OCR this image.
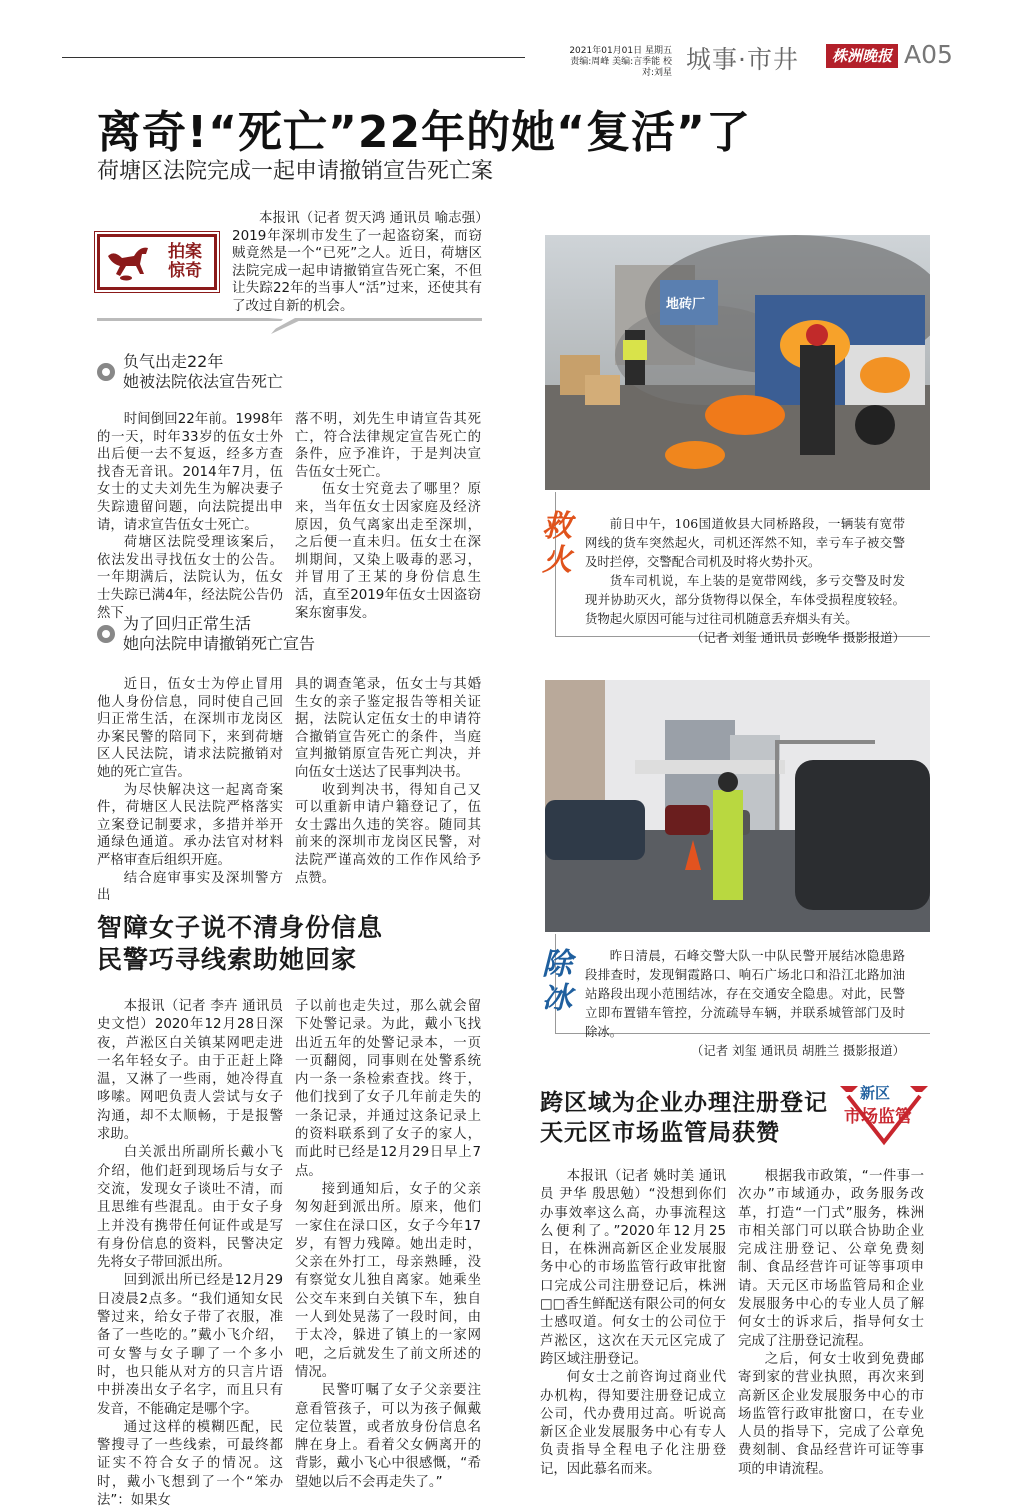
2021年01月01日 星期五
责编:周峰 美编:言季能 校对:刘星 城事·市井	株洲晚报 A05
离奇!“死亡”22年的她“复活”了
荷塘区法院完成一起申请撤销宣告死亡案
拍案
惊奇

本报讯（记者 贺天鸿 通讯员 喻志强）2019年深圳市发生了一起盗窃案，而窃贼竟然是一个“已死”之人。近日，荷塘区法院完成一起申请撤销宣告死亡案，不但让失踪22年的当事人“活”过来，还使其有了改过自新的机会。

负气出走22年
她被法院依法宣告死亡

时间倒回22年前。1998年的一天，时年33岁的伍女士外出后便一去不复返，经多方查找杳无音讯。2014年7月，伍女士的丈夫刘先生为解决妻子失踪遗留问题，向法院提出申请，请求宣告伍女士死亡。

荷塘区法院受理该案后，依法发出寻找伍女士的公告。一年期满后，法院认为，伍女士失踪已满4年，经法院公告仍然下

落不明，刘先生申请宣告其死亡，符合法律规定宣告死亡的条件，应予准许，于是判决宣告伍女士死亡。

伍女士究竟去了哪里？原来，当年伍女士因家庭及经济原因，负气离家出走至深圳，之后便一直未归。伍女士在深圳期间，又染上吸毒的恶习，并冒用了王某的身份信息生活，直至2019年伍女士因盗窃案东窗事发。

为了回归正常生活
她向法院申请撤销死亡宣告

近日，伍女士为停止冒用他人身份信息，同时使自己回归正常生活，在深圳市龙岗区办案民警的陪同下，来到荷塘区人民法院，请求法院撤销对她的死亡宣告。

为尽快解决这一起离奇案件，荷塘区人民法院严格落实立案登记制要求，多措并举开通绿色通道。承办法官对材料严格审查后组织开庭。

结合庭审事实及深圳警方出

具的调查笔录，伍女士与其婚生女的亲子鉴定报告等相关证据，法院认定伍女士的申请符合撤销宣告死亡的条件，当庭宣判撤销原宣告死亡判决，并向伍女士送达了民事判决书。

收到判决书，得知自己又可以重新申请户籍登记了，伍女士露出久违的笑容。随同其前来的深圳市龙岗区民警，对法院严谨高效的工作作风给予点赞。

地砖厂
救火

前日中午，106国道攸县大同桥路段，一辆装有宽带网线的货车突然起火，司机还浑然不知，幸亏车子被交警及时拦停，交警配合司机及时将火势扑灭。

货车司机说，车上装的是宽带网线，多亏交警及时发现并协助灭火，部分货物得以保全，车体受损程度较轻。货物起火原因可能与过往司机随意丢弃烟头有关。

（记者 刘玺 通讯员 彭晚华 摄影报道）
除冰

昨日清晨，石峰交警大队一中队民警开展结冰隐患路段排查时，发现铜霞路口、响石广场北口和沿江北路加油站路段出现小范围结冰，存在交通安全隐患。对此，民警立即布置错车管控，分流疏导车辆，并联系城管部门及时除冰。

（记者 刘玺 通讯员 胡胜兰 摄影报道）
智障女子说不清身份信息
民警巧寻线索助她回家

本报讯（记者 李卉 通讯员 史文恺）2020年12月28日深夜，芦淞区白关镇某网吧走进一名年轻女子。由于正赶上降温，又淋了一些雨，她冷得直哆嗦。网吧负责人尝试与女子沟通，却不太顺畅，于是报警求助。

白关派出所副所长戴小飞介绍，他们赶到现场后与女子交流，发现女子谈吐不清，而且思维有些混乱。由于女子身上并没有携带任何证件或是写有身份信息的资料，民警决定先将女子带回派出所。

回到派出所已经是12月29日凌晨2点多。“我们通知女民警过来，给女子带了衣服，准备了一些吃的。”戴小飞介绍，可女警与女子聊了一个多小时，也只能从对方的只言片语中拼凑出女子名字，而且只有发音，不能确定是哪个字。

通过这样的模糊匹配，民警搜寻了一些线索，可最终都证实不符合女子的情况。这时，戴小飞想到了一个“笨办法”：如果女

子以前也走失过，那么就会留下处警记录。为此，戴小飞找出近五年的处警记录本，一页一页翻阅，同事则在处警系统内一条一条检索查找。终于，他们找到了女子几年前走失的一条记录，并通过这条记录上的资料联系到了女子的家人，而此时已经是12月29日早上7点。

接到通知后，女子的父亲匆匆赶到派出所。原来，他们一家住在渌口区，女子今年17岁，有智力残障。她出走时，父亲在外打工，母亲熟睡，没有察觉女儿独自离家。她乘坐公交车来到白关镇下车，独自一人到处晃荡了一段时间，由于太冷，躲进了镇上的一家网吧，之后就发生了前文所述的情况。

民警叮嘱了女子父亲要注意看管孩子，可以为孩子佩戴定位装置，或者放身份信息名牌在身上。看着父女俩离开的背影，戴小飞心中很感慨，“希望她以后不会再走失了。”

跨区域为企业办理注册登记
天元区市场监管局获赞
新区
市场监管

本报讯（记者 姚时美 通讯员 尹华 殷思勉）“没想到你们办事效率这么高，办事流程这么便利了。”2020年12月25日，在株洲高新区企业发展服务中心的市场监管行政审批窗口完成公司注册登记后，株洲□□香生鲜配送有限公司的何女士感叹道。何女士的公司位于芦淞区，这次在天元区完成了跨区域注册登记。

何女士之前咨询过商业代办机构，得知要注册登记成立公司，代办费用过高。听说高新区企业发展服务中心有专人负责指导全程电子化注册登记，因此慕名而来。

根据我市政策，“一件事一次办”市域通办，政务服务改革，打造“一门式”服务，株洲市相关部门可以联合协助企业完成注册登记、公章免费刻制、食品经营许可证等事项申请。天元区市场监管局和企业发展服务中心的专业人员了解何女士的诉求后，指导何女士完成了注册登记流程。

之后，何女士收到免费邮寄到家的营业执照，再次来到高新区企业发展服务中心的市场监管行政审批窗口，在专业人员的指导下，完成了公章免费刻制、食品经营许可证等事项的申请流程。
